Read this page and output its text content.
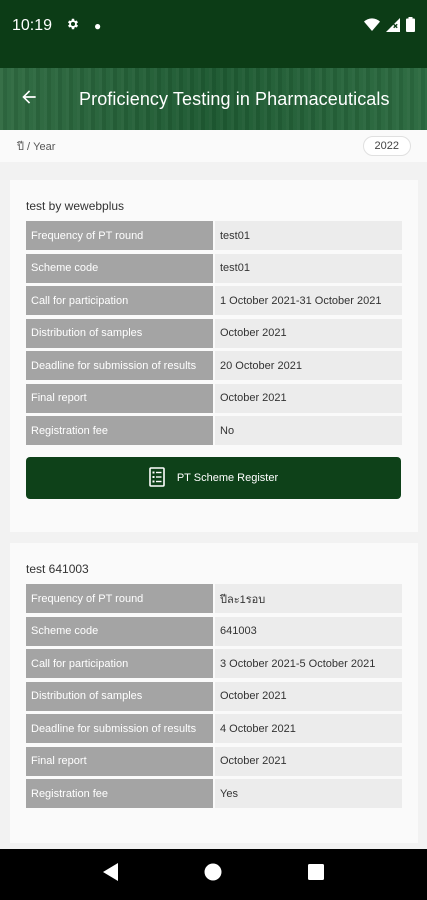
10:19	●
Proficiency Testing in Pharmaceuticals
ปี / Year	2022
test by wewebplus
Frequency of PT round	test01
Scheme code	test01
Call for participation	1 October 2021-31 October 2021
Distribution of samples	October 2021
Deadline for submission of results	20 October 2021
Final report	October 2021
Registration fee	No
PT Scheme Register
test 641003
Frequency of PT round	ปีละ1รอบ
Scheme code	641003
Call for participation	3 October 2021-5 October 2021
Distribution of samples	October 2021
Deadline for submission of results	4 October 2021
Final report	October 2021
Registration fee	Yes
